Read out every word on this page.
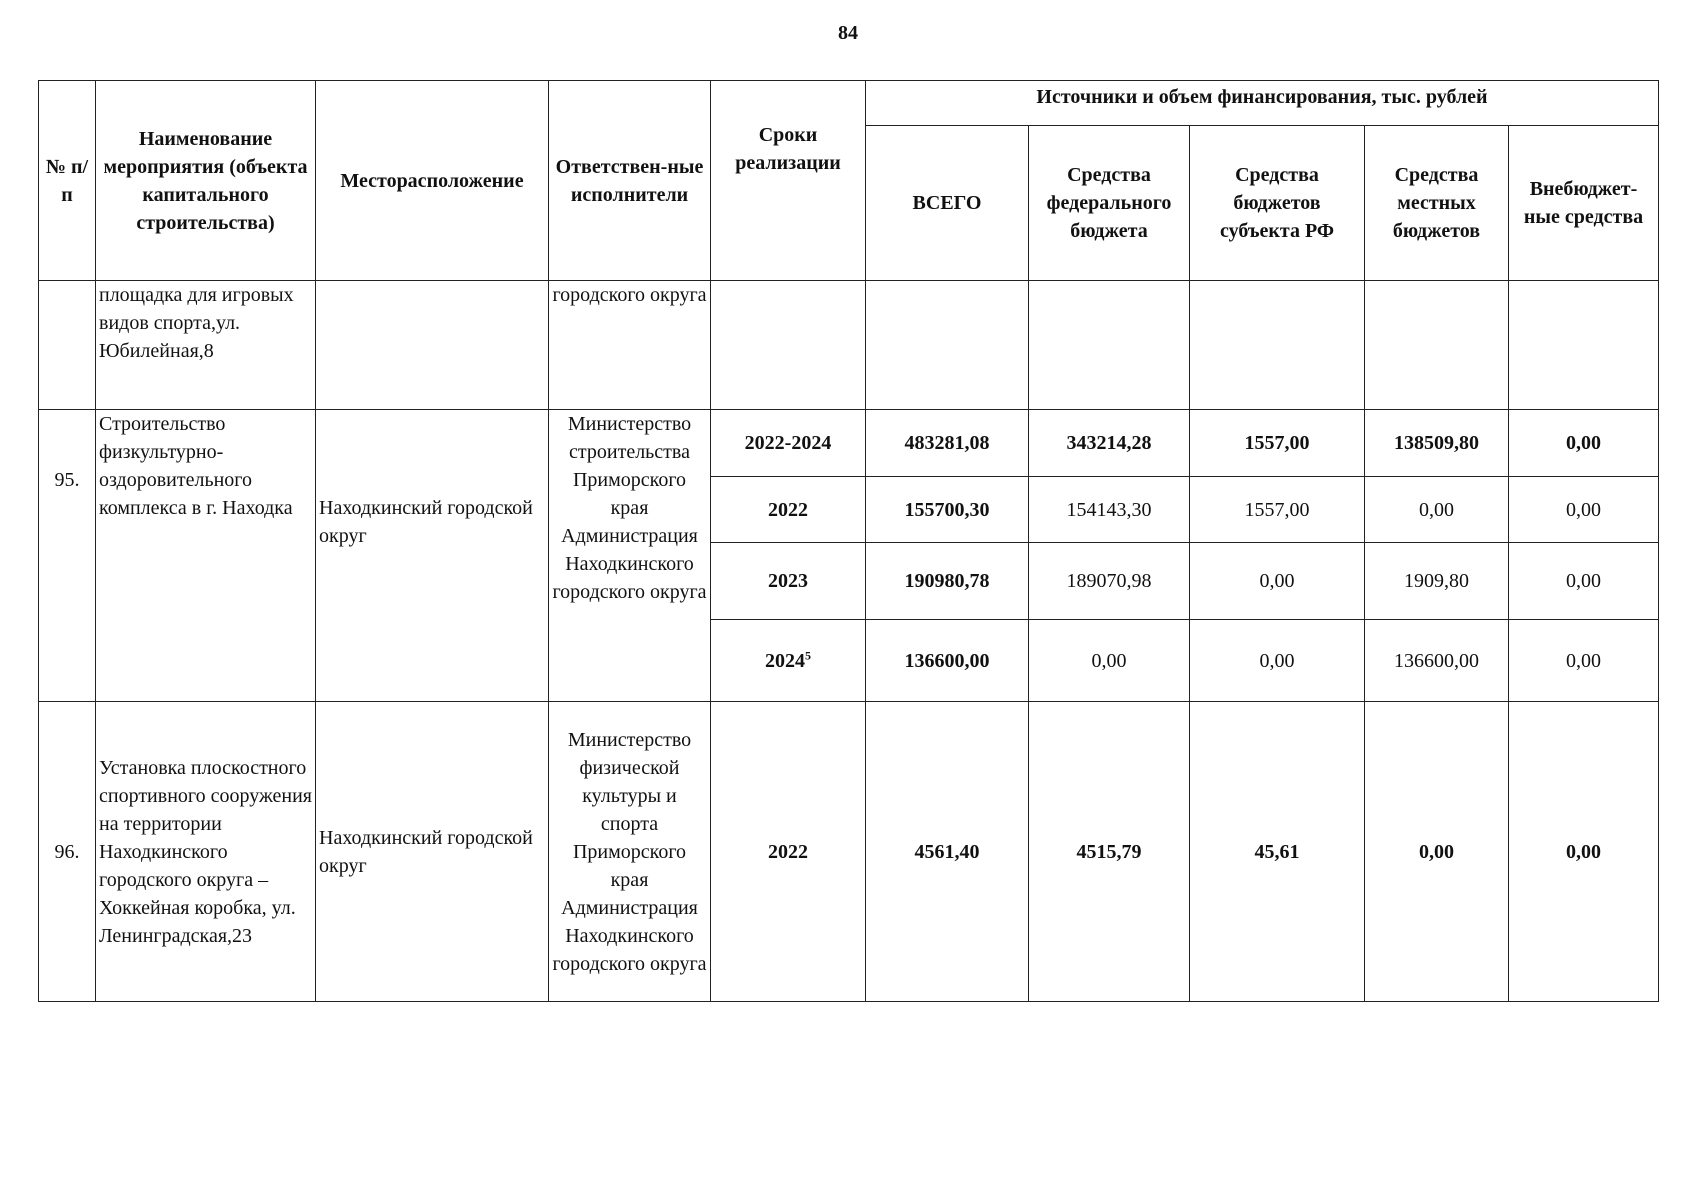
84
№ п/п	Наименование мероприятия (объекта капитального строительства)	Месторасположение	Ответствен-ные исполнители	Сроки реализации	Источники и объем финансирования, тыс. рублей				
					ВСЕГО	Средства федерального бюджета	Средства бюджетов субъекта РФ	Средства местных бюджетов	Внебюджет-ные средства
	площадка для игровых видов спорта,ул. Юбилейная,8		городского округа						
95.	Строительство физкультурно-оздоровительного комплекса в г. Находка	Находкинский городской округ	Министерство строительства Приморского края Администрация Находкинского городского округа	2022-2024	483281,08	343214,28	1557,00	138509,80	0,00
				2022	155700,30	154143,30	1557,00	0,00	0,00
				2023	190980,78	189070,98	0,00	1909,80	0,00
				2024$^5$	136600,00	0,00	0,00	136600,00	0,00
96.	Установка плоскостного спортивного сооружения на территории Находкинского городского округа – Хоккейная коробка, ул. Ленинградская,23	Находкинский городской округ	Министерство физической культуры и спорта Приморского края Администрация Находкинского городского округа	2022	4561,40	4515,79	45,61	0,00	0,00
